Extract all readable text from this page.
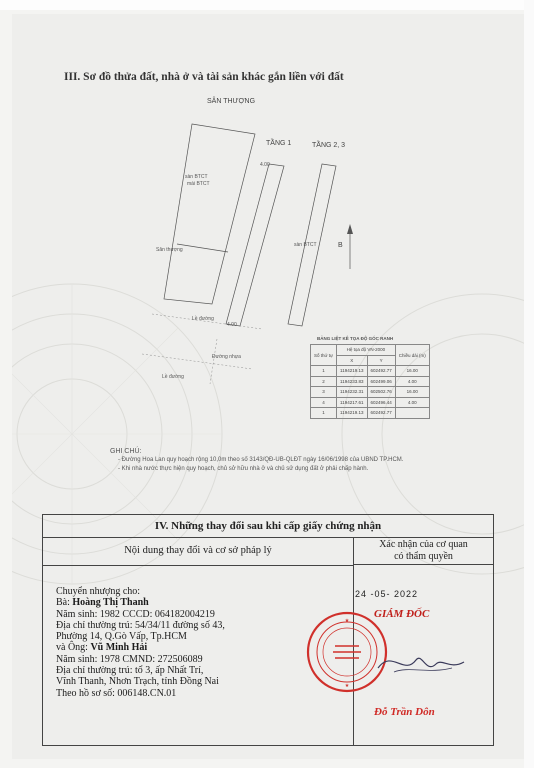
III. Sơ đồ thửa đất, nhà ở và tài sản khác gắn liền với đất
SÂN THƯỢNG
TẦNG 1	TẦNG 2, 3
B
sàn BTCT
mái BTCT
Sân thượng
sàn BTCT
Lề đường
Lề đường
Đường nhựa
4.00
4.00
BẢNG LIỆT KÊ TỌA ĐỘ GÓC RANH
Số thứ tự	Hệ tọa độ VN-2000		Chiều dài (m)
	X	Y	
1	1194219.13	602492.77	16.00
2	1194233.83	602499.06	4.00
3	1194232.31	602502.76	16.00
4	1194217.61	602496.44	4.00
1	1194219.13	602492.77	
GHI CHÚ:
- Đường Hoa Lan quy hoạch rộng 10,0m theo số 3143/QĐ-UB-QLĐT ngày 16/06/1998 của UBND TP.HCM.
- Khi nhà nước thực hiện quy hoạch, chủ sở hữu nhà ở và chủ sử dụng đất ở phải chấp hành.
IV. Những thay đổi sau khi cấp giấy chứng nhận
Nội dung thay đổi và cơ sở pháp lý
Xác nhận của cơ quan
có thẩm quyền
Chuyển nhượng cho:
Bà: Hoàng Thị Thanh
Năm sinh: 1982 CCCD: 064182004219
Địa chỉ thường trú: 54/34/11 đường số 43,
Phường 14, Q.Gò Vấp, Tp.HCM
và Ông: Vũ Minh Hải
Năm sinh: 1978 CMND: 272506089
Địa chỉ thường trú: tổ 3, ấp Nhất Trí,
Vĩnh Thanh, Nhơn Trạch, tỉnh Đồng Nai
Theo hồ sơ số: 006148.CN.01
24 -05- 2022
GIÁM ĐỐC
★
★
Đỗ Trần Dôn
